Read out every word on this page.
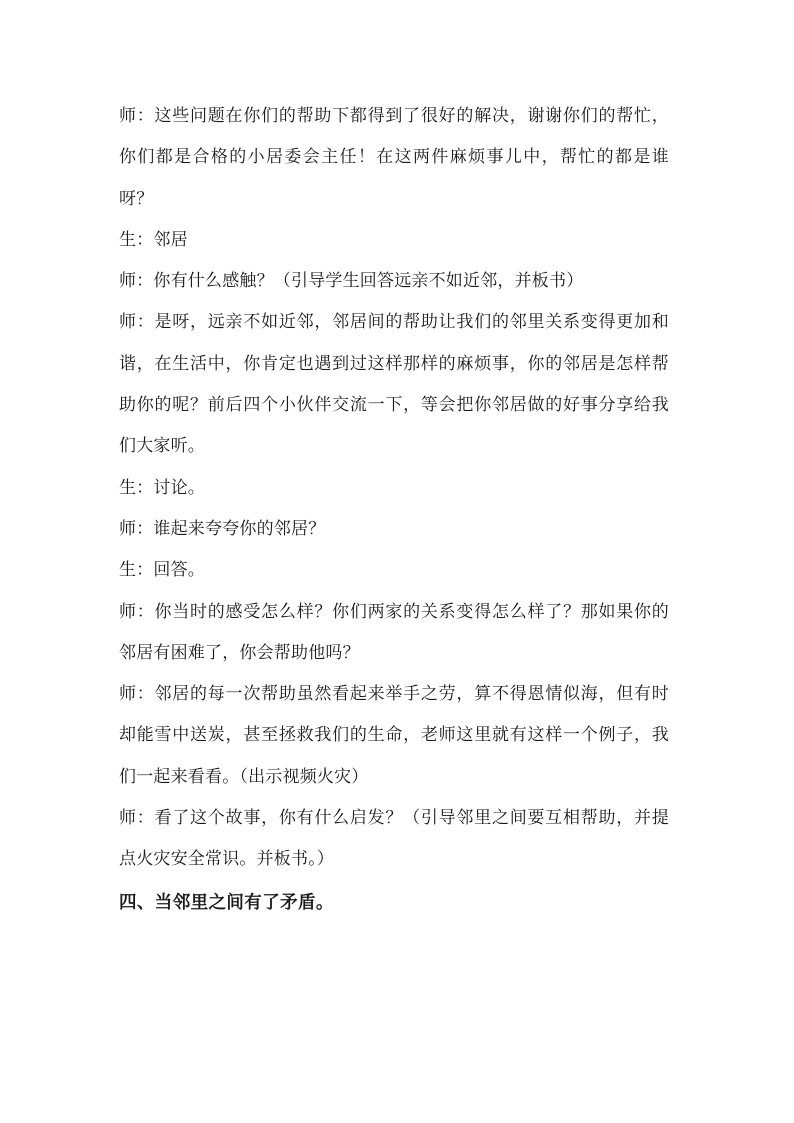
师：这些问题在你们的帮助下都得到了很好的解决，谢谢你们的帮忙，你们都是合格的小居委会主任！在这两件麻烦事儿中，帮忙的都是谁呀？

生：邻居

师：你有什么感触？（引导学生回答远亲不如近邻，并板书）

师：是呀，远亲不如近邻，邻居间的帮助让我们的邻里关系变得更加和谐，在生活中，你肯定也遇到过这样那样的麻烦事，你的邻居是怎样帮助你的呢？前后四个小伙伴交流一下，等会把你邻居做的好事分享给我们大家听。

生：讨论。

师：谁起来夸夸你的邻居？

生：回答。

师：你当时的感受怎么样？你们两家的关系变得怎么样了？那如果你的邻居有困难了，你会帮助他吗？

师：邻居的每一次帮助虽然看起来举手之劳，算不得恩情似海，但有时却能雪中送炭，甚至拯救我们的生命，老师这里就有这样一个例子，我们一起来看看。（出示视频火灾）

师：看了这个故事，你有什么启发？（引导邻里之间要互相帮助，并提点火灾安全常识。并板书。）

四、当邻里之间有了矛盾。
